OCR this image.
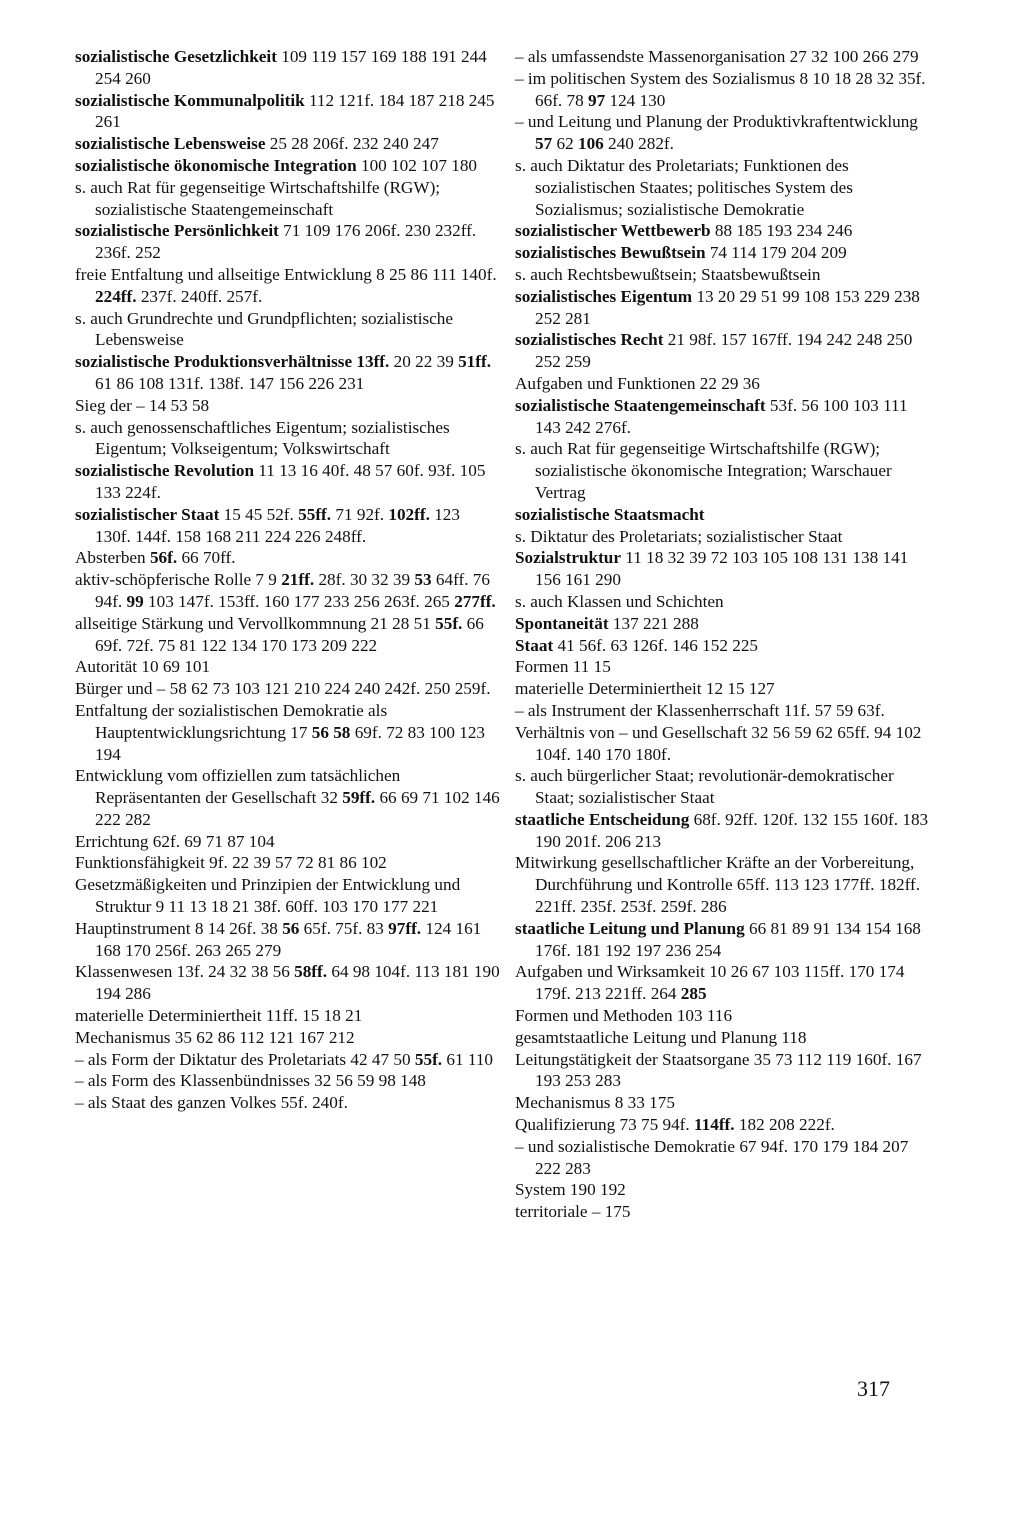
sozialistische Gesetzlichkeit 109 119 157 169 188 191 244 254 260

sozialistische Kommunalpolitik 112 121f. 184 187 218 245 261

sozialistische Lebensweise 25 28 206f. 232 240 247

sozialistische ökonomische Integration 100 102 107 180

s. auch Rat für gegenseitige Wirtschaftshilfe (RGW); sozialistische Staatengemeinschaft

sozialistische Persönlichkeit 71 109 176 206f. 230 232ff. 236f. 252

freie Entfaltung und allseitige Entwicklung 8 25 86 111 140f. 224ff. 237f. 240ff. 257f.

s. auch Grundrechte und Grundpflichten; sozialistische Lebensweise

sozialistische Produktionsverhältnisse 13ff. 20 22 39 51ff. 61 86 108 131f. 138f. 147 156 226 231

Sieg der – 14 53 58

s. auch genossenschaftliches Eigentum; sozialistisches Eigentum; Volkseigentum; Volkswirtschaft

sozialistische Revolution 11 13 16 40f. 48 57 60f. 93f. 105 133 224f.

sozialistischer Staat 15 45 52f. 55ff. 71 92f. 102ff. 123 130f. 144f. 158 168 211 224 226 248ff.

Absterben 56f. 66 70ff.

aktiv-schöpferische Rolle 7 9 21ff. 28f. 30 32 39 53 64ff. 76 94f. 99 103 147f. 153ff. 160 177 233 256 263f. 265 277ff.

allseitige Stärkung und Vervollkommnung 21 28 51 55f. 66 69f. 72f. 75 81 122 134 170 173 209 222

Autorität 10 69 101

Bürger und – 58 62 73 103 121 210 224 240 242f. 250 259f.

Entfaltung der sozialistischen Demokratie als Hauptentwicklungsrichtung 17 56 58 69f. 72 83 100 123 194

Entwicklung vom offiziellen zum tatsächlichen Repräsentanten der Gesellschaft 32 59ff. 66 69 71 102 146 222 282

Errichtung 62f. 69 71 87 104

Funktionsfähigkeit 9f. 22 39 57 72 81 86 102

Gesetzmäßigkeiten und Prinzipien der Entwicklung und Struktur 9 11 13 18 21 38f. 60ff. 103 170 177 221

Hauptinstrument 8 14 26f. 38 56 65f. 75f. 83 97ff. 124 161 168 170 256f. 263 265 279

Klassenwesen 13f. 24 32 38 56 58ff. 64 98 104f. 113 181 190 194 286

materielle Determiniertheit 11ff. 15 18 21

Mechanismus 35 62 86 112 121 167 212

– als Form der Diktatur des Proletariats 42 47 50 55f. 61 110

– als Form des Klassenbündnisses 32 56 59 98 148

– als Staat des ganzen Volkes 55f. 240f.

– als umfassendste Massenorganisation 27 32 100 266 279

– im politischen System des Sozialismus 8 10 18 28 32 35f. 66f. 78 97 124 130

– und Leitung und Planung der Produktivkraftentwicklung 57 62 106 240 282f.

s. auch Diktatur des Proletariats; Funktionen des sozialistischen Staates; politisches System des Sozialismus; sozialistische Demokratie

sozialistischer Wettbewerb 88 185 193 234 246

sozialistisches Bewußtsein 74 114 179 204 209

s. auch Rechtsbewußtsein; Staatsbewußtsein

sozialistisches Eigentum 13 20 29 51 99 108 153 229 238 252 281

sozialistisches Recht 21 98f. 157 167ff. 194 242 248 250 252 259

Aufgaben und Funktionen 22 29 36

sozialistische Staatengemeinschaft 53f. 56 100 103 111 143 242 276f.

s. auch Rat für gegenseitige Wirtschaftshilfe (RGW); sozialistische ökonomische Integration; Warschauer Vertrag

sozialistische Staatsmacht

s. Diktatur des Proletariats; sozialistischer Staat

Sozialstruktur 11 18 32 39 72 103 105 108 131 138 141 156 161 290

s. auch Klassen und Schichten

Spontaneität 137 221 288

Staat 41 56f. 63 126f. 146 152 225

Formen 11 15

materielle Determiniertheit 12 15 127

– als Instrument der Klassenherrschaft 11f. 57 59 63f.

Verhältnis von – und Gesellschaft 32 56 59 62 65ff. 94 102 104f. 140 170 180f.

s. auch bürgerlicher Staat; revolutionär-demokratischer Staat; sozialistischer Staat

staatliche Entscheidung 68f. 92ff. 120f. 132 155 160f. 183 190 201f. 206 213

Mitwirkung gesellschaftlicher Kräfte an der Vorbereitung, Durchführung und Kontrolle 65ff. 113 123 177ff. 182ff. 221ff. 235f. 253f. 259f. 286

staatliche Leitung und Planung 66 81 89 91 134 154 168 176f. 181 192 197 236 254

Aufgaben und Wirksamkeit 10 26 67 103 115ff. 170 174 179f. 213 221ff. 264 285

Formen und Methoden 103 116

gesamtstaatliche Leitung und Planung 118

Leitungstätigkeit der Staatsorgane 35 73 112 119 160f. 167 193 253 283

Mechanismus 8 33 175

Qualifizierung 73 75 94f. 114ff. 182 208 222f.

– und sozialistische Demokratie 67 94f. 170 179 184 207 222 283

System 190 192

territoriale – 175

317
